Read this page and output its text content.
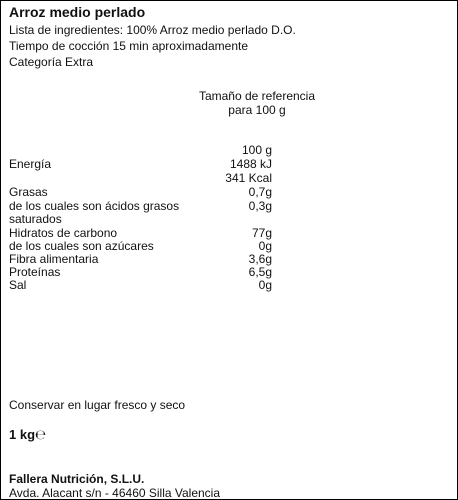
Arroz medio perlado
Lista de ingredientes: 100% Arroz medio perlado D.O.
Tiempo de cocción 15 min aproximadamente
Categoría Extra
Tamaño de referencia
para 100 g
100 g
Energía	1488 kJ
341 Kcal
Grasas	0,7g
de los cuales son ácidos grasos	0,3g
saturados
Hidratos de carbono	77g
de los cuales son azúcares	0g
Fibra alimentaria	3,6g
Proteínas	6,5g
Sal	0g
Conservar en lugar fresco y seco
1 kg℮
Fallera Nutrición, S.L.U.
Avda. Alacant s/n - 46460 Silla Valencia
